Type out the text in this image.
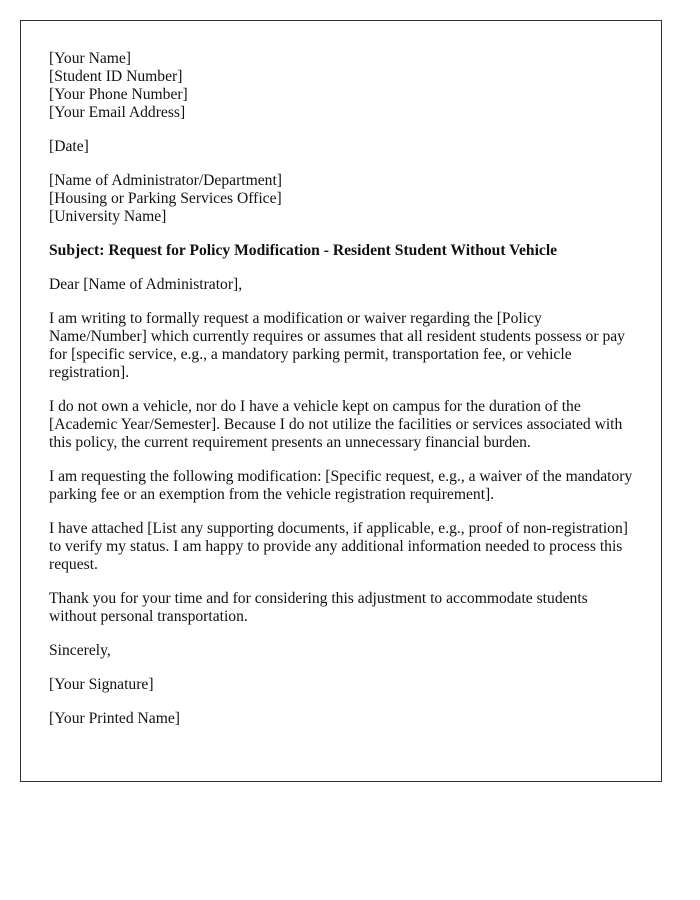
[Your Name]
[Student ID Number]
[Your Phone Number]
[Your Email Address]
[Date]
[Name of Administrator/Department]
[Housing or Parking Services Office]
[University Name]
Subject: Request for Policy Modification - Resident Student Without Vehicle

Dear [Name of Administrator],

I am writing to formally request a modification or waiver regarding the [Policy Name/Number] which currently requires or assumes that all resident students possess or pay for [specific service, e.g., a mandatory parking permit, transportation fee, or vehicle registration].

I do not own a vehicle, nor do I have a vehicle kept on campus for the duration of the [Academic Year/Semester]. Because I do not utilize the facilities or services associated with this policy, the current requirement presents an unnecessary financial burden.

I am requesting the following modification: [Specific request, e.g., a waiver of the mandatory parking fee or an exemption from the vehicle registration requirement].

I have attached [List any supporting documents, if applicable, e.g., proof of non-registration] to verify my status. I am happy to provide any additional information needed to process this request.

Thank you for your time and for considering this adjustment to accommodate students without personal transportation.

Sincerely,

[Your Signature]

[Your Printed Name]
